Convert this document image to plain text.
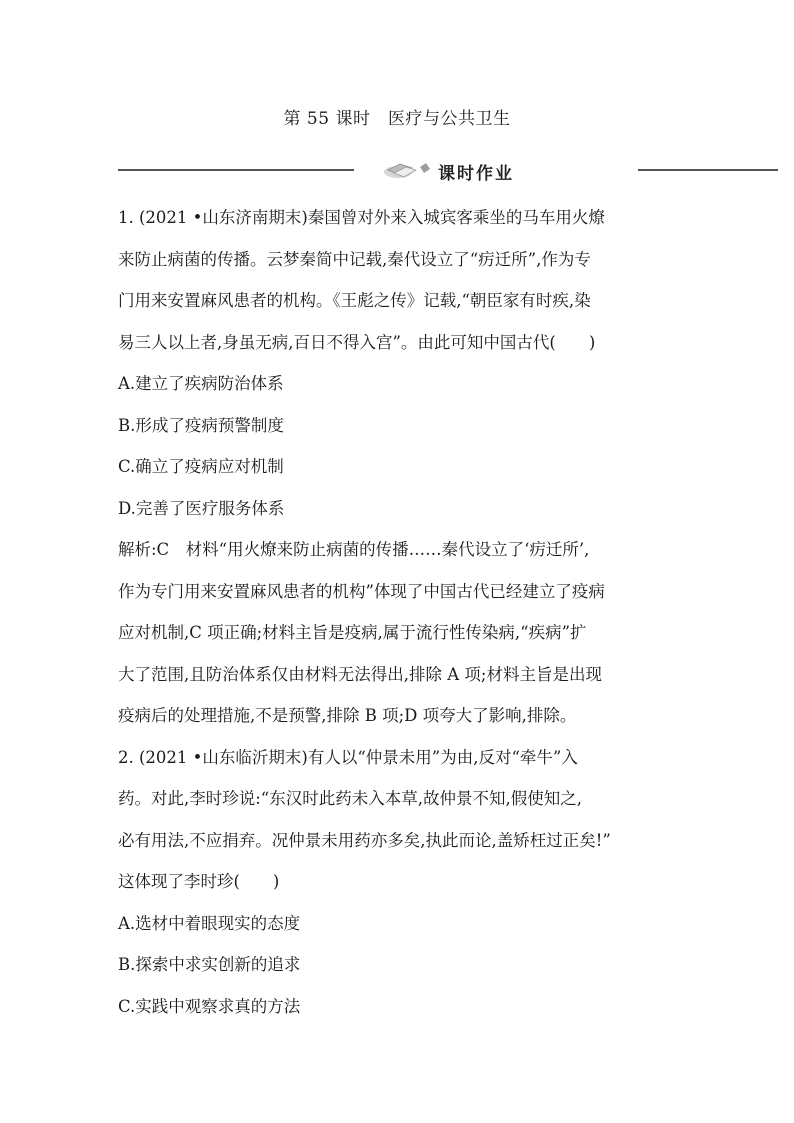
第 55 课时　医疗与公共卫生
课时作业

1. (2021 •山东济南期末)秦国曾对外来入城宾客乘坐的马车用火燎

来防止病菌的传播。云梦秦简中记载,秦代设立了“疠迁所”,作为专

门用来安置麻风患者的机构。《王彪之传》记载,“朝臣家有时疾,染

易三人以上者,身虽无病,百日不得入宫”。由此可知中国古代(　　)

A.建立了疾病防治体系

B.形成了疫病预警制度

C.确立了疫病应对机制

D.完善了医疗服务体系

解析:C　材料“用火燎来防止病菌的传播……秦代设立了‘疠迁所’,

作为专门用来安置麻风患者的机构”体现了中国古代已经建立了疫病

应对机制,C 项正确;材料主旨是疫病,属于流行性传染病,“疾病”扩

大了范围,且防治体系仅由材料无法得出,排除 A 项;材料主旨是出现

疫病后的处理措施,不是预警,排除 B 项;D 项夸大了影响,排除。

2. (2021 •山东临沂期末)有人以“仲景未用”为由,反对“牵牛”入

药。对此,李时珍说:“东汉时此药未入本草,故仲景不知,假使知之,

必有用法,不应捐弃。况仲景未用药亦多矣,执此而论,盖矫枉过正矣!”

这体现了李时珍(　　)

A.选材中着眼现实的态度

B.探索中求实创新的追求

C.实践中观察求真的方法
